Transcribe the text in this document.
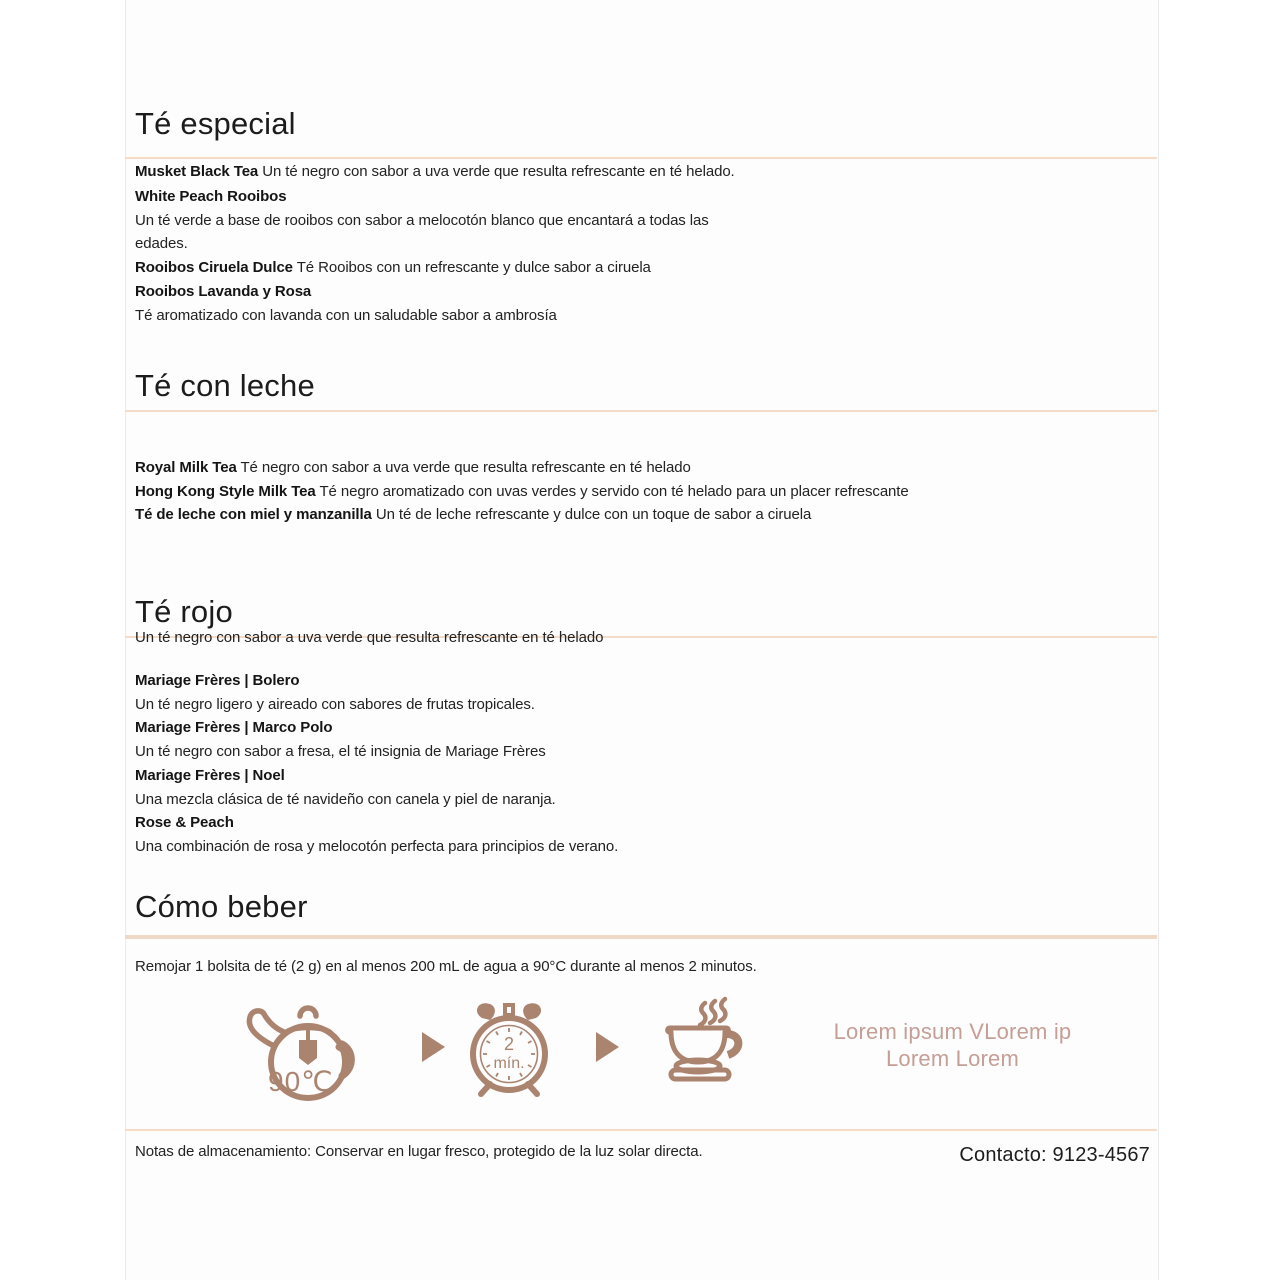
Té especial
Musket Black Tea Un té negro con sabor a uva verde que resulta refrescante en té helado.
White Peach Rooibos
Un té verde a base de rooibos con sabor a melocotón blanco que encantará a todas las
edades.
Rooibos Ciruela Dulce Té Rooibos con un refrescante y dulce sabor a ciruela
Rooibos Lavanda y Rosa
Té aromatizado con lavanda con un saludable sabor a ambrosía
Té con leche
Royal Milk Tea Té negro con sabor a uva verde que resulta refrescante en té helado
Hong Kong Style Milk Tea Té negro aromatizado con uvas verdes y servido con té helado para un placer refrescante
Té de leche con miel y manzanilla Un té de leche refrescante y dulce con un toque de sabor a ciruela
Té rojo
Un té negro con sabor a uva verde que resulta refrescante en té helado
Mariage Frères | Bolero
Un té negro ligero y aireado con sabores de frutas tropicales.
Mariage Frères | Marco Polo
Un té negro con sabor a fresa, el té insignia de Mariage Frères
Mariage Frères | Noel
Una mezcla clásica de té navideño con canela y piel de naranja.
Rose & Peach
Una combinación de rosa y melocotón perfecta para principios de verano.
Cómo beber
Remojar 1 bolsita de té (2 g) en al menos 200 mL de agua a 90°C durante al menos 2 minutos.
90℃
2
mín.
Lorem ipsum VLorem ip
Lorem Lorem
Notas de almacenamiento: Conservar en lugar fresco, protegido de la luz solar directa.	Contacto: 9123-4567
